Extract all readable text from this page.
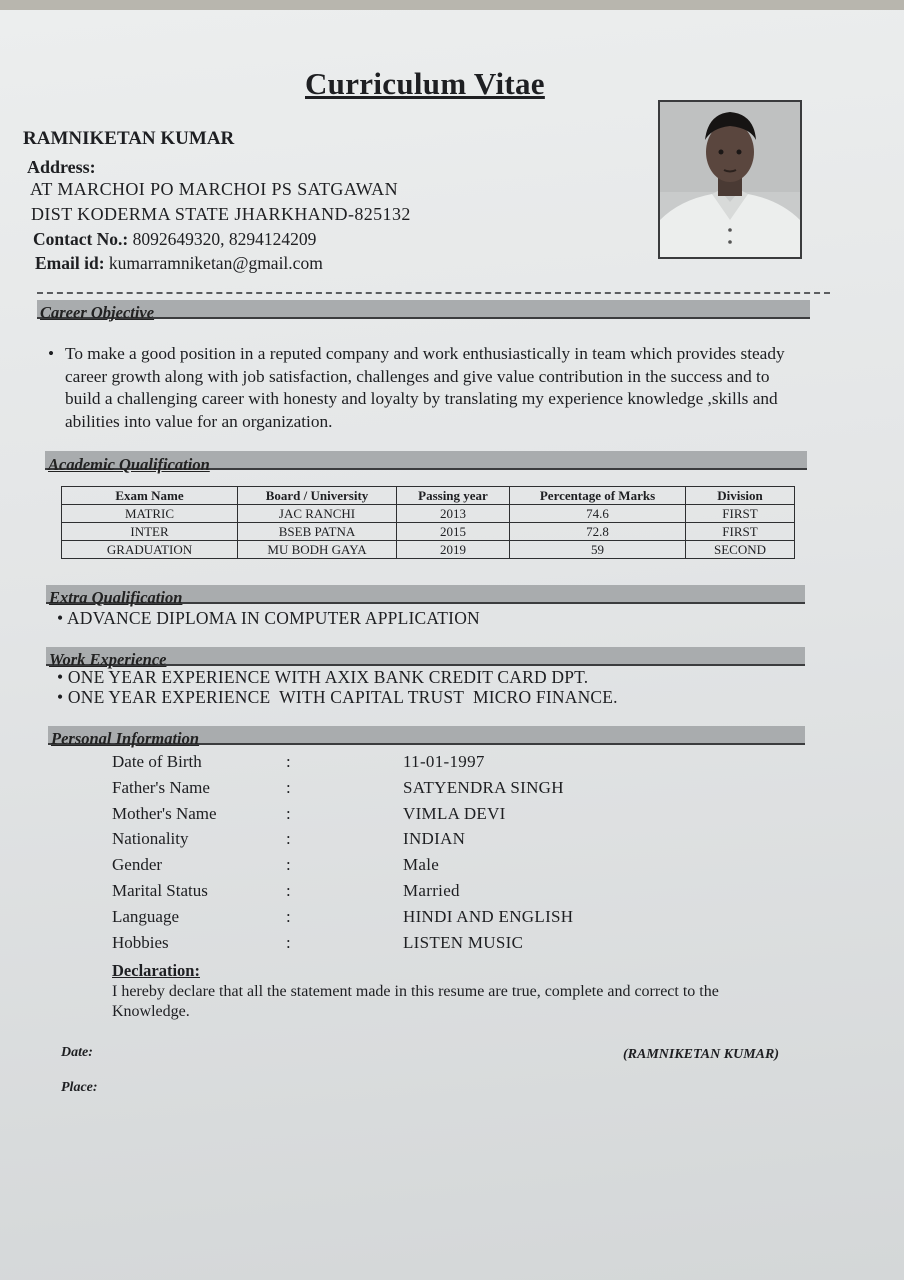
Curriculum Vitae
RAMNIKETAN KUMAR
Address:
AT MARCHOI PO MARCHOI PS SATGAWAN
DIST KODERMA STATE JHARKHAND-825132
Contact No.: 8092649320, 8294124209
Email id: kumarramniketan@gmail.com
Career Objective
• To make a good position in a reputed company and work enthusiastically in team which provides steady career growth along with job satisfaction, challenges and give value contribution in the success and to build a challenging career with honesty and loyalty by translating my experience knowledge ,skills and abilities into value for an organization.
Academic Qualification
Exam Name	Board / University	Passing year	Percentage of Marks	Division
MATRIC	JAC RANCHI	2013	74.6	FIRST
INTER	BSEB PATNA	2015	72.8	FIRST
GRADUATION	MU BODH GAYA	2019	59	SECOND
Extra Qualification
• ADVANCE DIPLOMA IN COMPUTER APPLICATION
Work Experience
• ONE YEAR EXPERIENCE WITH AXIX BANK CREDIT CARD DPT.
• ONE YEAR EXPERIENCE  WITH CAPITAL TRUST  MICRO FINANCE.
Personal Information
Date of Birth	:	11-01-1997
Father's Name	:	SATYENDRA SINGH
Mother's Name	:	VIMLA DEVI
Nationality	:	INDIAN
Gender	:	Male
Marital Status	:	Married
Language	:	HINDI AND ENGLISH
Hobbies	:	LISTEN MUSIC
Declaration:
I hereby declare that all the statement made in this resume are true, complete and correct to the Knowledge.
Date:
Place:
(RAMNIKETAN KUMAR)
